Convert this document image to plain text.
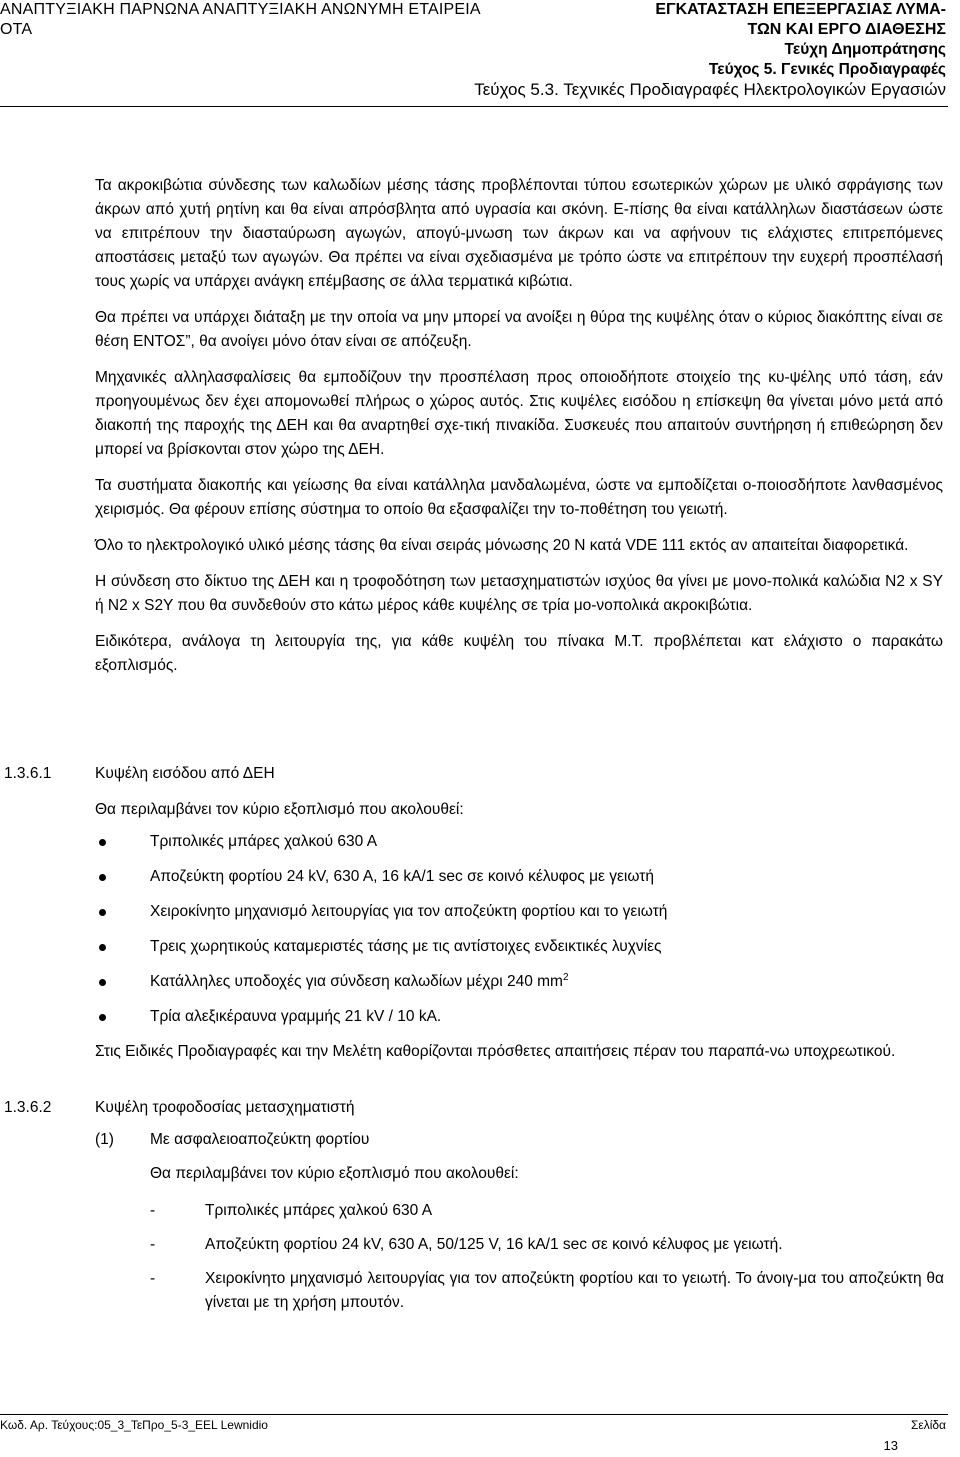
ΑΝΑΠΤΥΞΙΑΚΗ ΠΑΡΝΩΝΑ ΑΝΑΠΤΥΞΙΑΚΗ ΑΝΩΝΥΜΗ ΕΤΑΙΡΕΙΑ
ΟΤΑ
ΕΓΚΑΤΑΣΤΑΣΗ ΕΠΕΞΕΡΓΑΣΙΑΣ ΛΥΜΑ-
ΤΩΝ ΚΑΙ ΕΡΓΟ ΔΙΑΘΕΣΗΣ
Τεύχη Δημοπράτησης
Τεύχος 5. Γενικές Προδιαγραφές
Τεύχος 5.3. Τεχνικές Προδιαγραφές Ηλεκτρολογικών Εργασιών

Τα ακροκιβώτια σύνδεσης των καλωδίων μέσης τάσης προβλέπονται τύπου εσωτερικών χώρων με υλικό σφράγισης των άκρων από χυτή ρητίνη και θα είναι απρόσβλητα από υγρασία και σκόνη. Ε-πίσης θα είναι κατάλληλων διαστάσεων ώστε να επιτρέπουν την διασταύρωση αγωγών, απογύ-μνωση των άκρων και να αφήνουν τις ελάχιστες επιτρεπόμενες αποστάσεις μεταξύ των αγωγών. Θα πρέπει να είναι σχεδιασμένα με τρόπο ώστε να επιτρέπουν την ευχερή προσπέλασή τους χωρίς να υπάρχει ανάγκη επέμβασης σε άλλα τερματικά κιβώτια.

Θα πρέπει να υπάρχει διάταξη με την οποία να μην μπορεί να ανοίξει η θύρα της κυψέλης όταν ο κύριος διακόπτης είναι σε θέση ΕΝΤΟΣ”, θα ανοίγει μόνο όταν είναι σε απόζευξη.

Μηχανικές αλληλασφαλίσεις θα εμποδίζουν την προσπέλαση προς οποιοδήποτε στοιχείο της κυ-ψέλης υπό τάση, εάν προηγουμένως δεν έχει απομονωθεί πλήρως ο χώρος αυτός. Στις κυψέλες εισόδου η επίσκεψη θα γίνεται μόνο μετά από διακοπή της παροχής της ΔΕΗ και θα αναρτηθεί σχε-τική πινακίδα. Συσκευές που απαιτούν συντήρηση ή επιθεώρηση δεν μπορεί να βρίσκονται στον χώρο της ΔΕΗ.

Τα συστήματα διακοπής και γείωσης θα είναι κατάλληλα μανδαλωμένα, ώστε να εμποδίζεται ο-ποιοσδήποτε λανθασμένος χειρισμός. Θα φέρουν επίσης σύστημα το οποίο θα εξασφαλίζει την το-ποθέτηση του γειωτή.

Όλο το ηλεκτρολογικό υλικό μέσης τάσης θα είναι σειράς μόνωσης 20 Ν κατά VDE 111 εκτός αν απαιτείται διαφορετικά.

Η σύνδεση στο δίκτυο της ΔΕΗ και η τροφοδότηση των μετασχηματιστών ισχύος θα γίνει με μονο-πολικά καλώδια Ν2 x SY ή N2 x S2Y που θα συνδεθούν στο κάτω μέρος κάθε κυψέλης σε τρία μο-νοπολικά ακροκιβώτια.

Ειδικότερα, ανάλογα τη λειτουργία της, για κάθε κυψέλη του πίνακα Μ.Τ. προβλέπεται κατ ελάχιστο ο παρακάτω εξοπλισμός.

1.3.6.1	Κυψέλη εισόδου από ΔΕΗ
Θα περιλαμβάνει τον κύριο εξοπλισμό που ακολουθεί:
Τριπολικές μπάρες χαλκού 630 Α
Αποζεύκτη φορτίου 24 kV, 630 A, 16 kA/1 sec σε κοινό κέλυφος με γειωτή
Χειροκίνητο μηχανισμό λειτουργίας για τον αποζεύκτη φορτίου και το γειωτή
Τρεις χωρητικούς καταμεριστές τάσης με τις αντίστοιχες ενδεικτικές λυχνίες
Κατάλληλες υποδοχές για σύνδεση καλωδίων μέχρι 240 $mm^2$
Τρία αλεξικέραυνα γραμμής 21 kV / 10 kA.
Στις Ειδικές Προδιαγραφές και την Μελέτη καθορίζονται πρόσθετες απαιτήσεις πέραν του παραπά-νω υποχρεωτικού.
1.3.6.2	Κυψέλη τροφοδοσίας μετασχηματιστή
(1) Με ασφαλειοαποζεύκτη φορτίου
Θα περιλαμβάνει τον κύριο εξοπλισμό που ακολουθεί:
-	Τριπολικές μπάρες χαλκού 630 Α
-	Αποζεύκτη φορτίου 24 kV, 630 A, 50/125 V, 16 kA/1 sec σε κοινό κέλυφος με γειωτή.
-	Χειροκίνητο μηχανισμό λειτουργίας για τον αποζεύκτη φορτίου και το γειωτή. Το άνοιγ-μα του αποζεύκτη θα γίνεται με τη χρήση μπουτόν.
Κωδ. Αρ. Τεύχους:05_3_ΤεΠρο_5-3_EEL Lewnidio	Σελίδα
13
